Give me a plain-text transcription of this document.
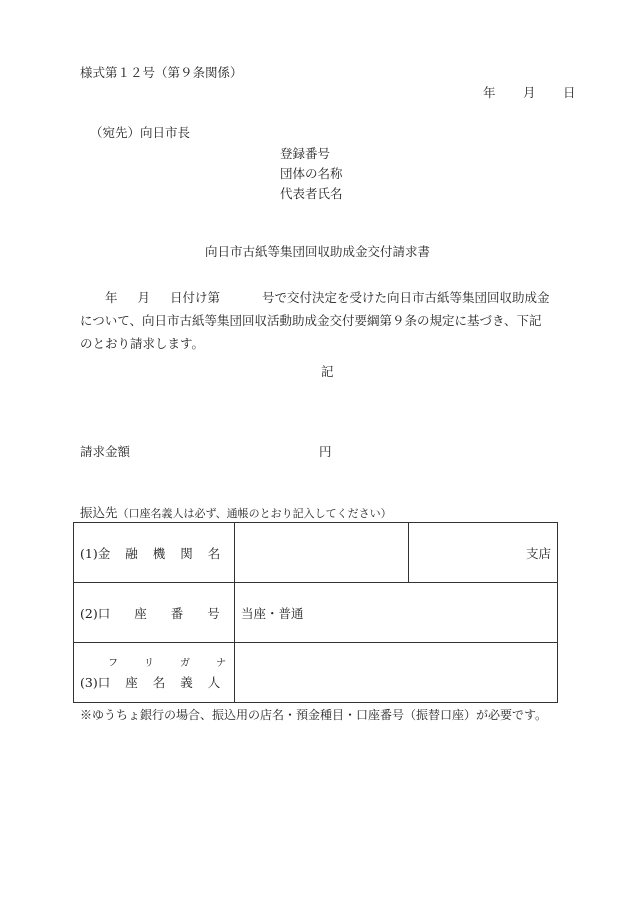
様式第１２号（第９条関係）
年 月 日
（宛先）向日市長
登録番号
団体の名称
代表者氏名
向日市古紙等集団回収助成金交付請求書
年 月 日付け第	号で交付決定を受けた向日市古紙等集団回収助成金
について、向日市古紙等集団回収活動助成金交付要綱第９条の規定に基づき、下記
のとおり請求します。
記
請求金額	円
振込先（口座名義人は必ず、通帳のとおり記入してください）
(1)金 融 機 関 名		支店
(2)口 座 番 号	当座・普通	

フ リ ガ ナ
(3)口 座 名 義 人		
※ゆうちょ銀行の場合、振込用の店名・預金種目・口座番号（振替口座）が必要です。
